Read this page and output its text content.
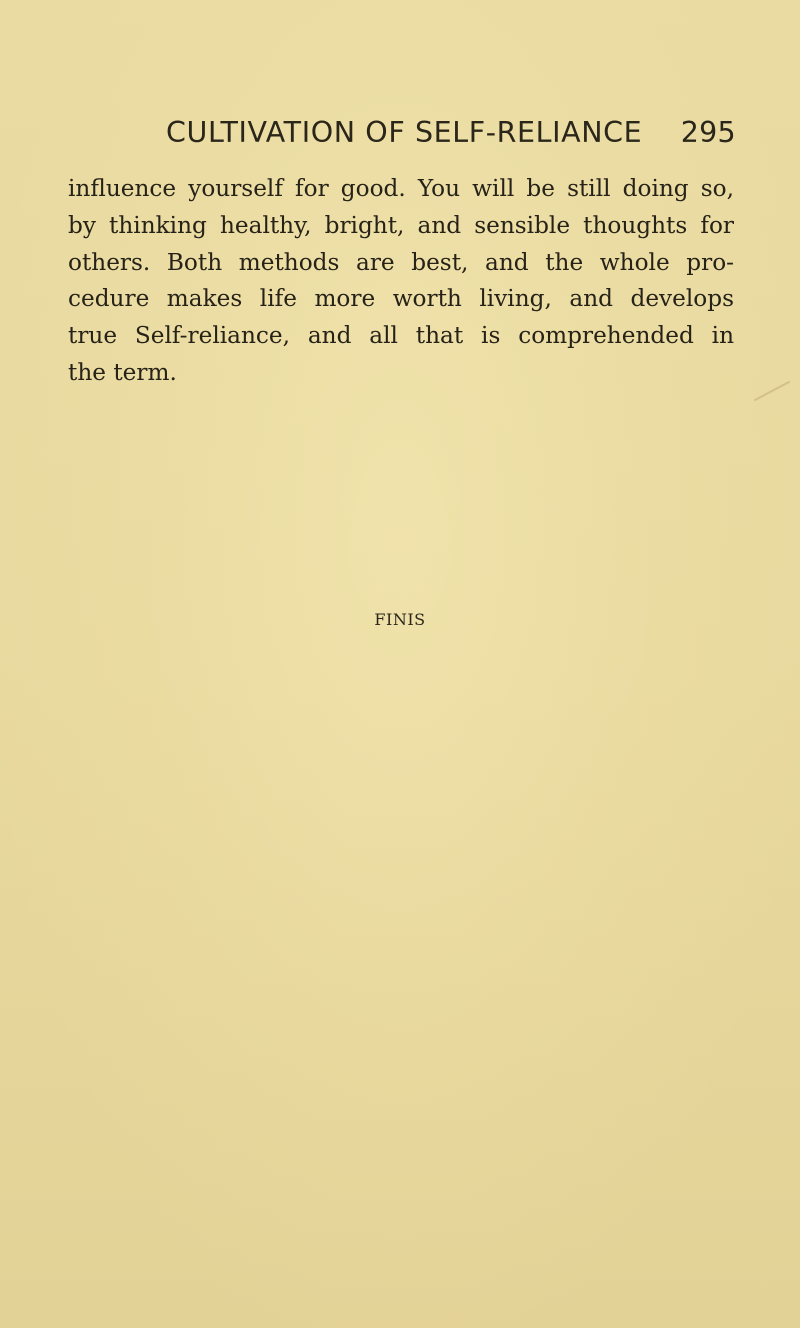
CULTIVATION OF SELF-RELIANCE 295
influence yourself for good. You will be still doing so,
by thinking healthy, bright, and sensible thoughts for
others. Both methods are best, and the whole pro-
cedure makes life more worth living, and develops
true Self-reliance, and all that is comprehended in
the term.
FINIS
